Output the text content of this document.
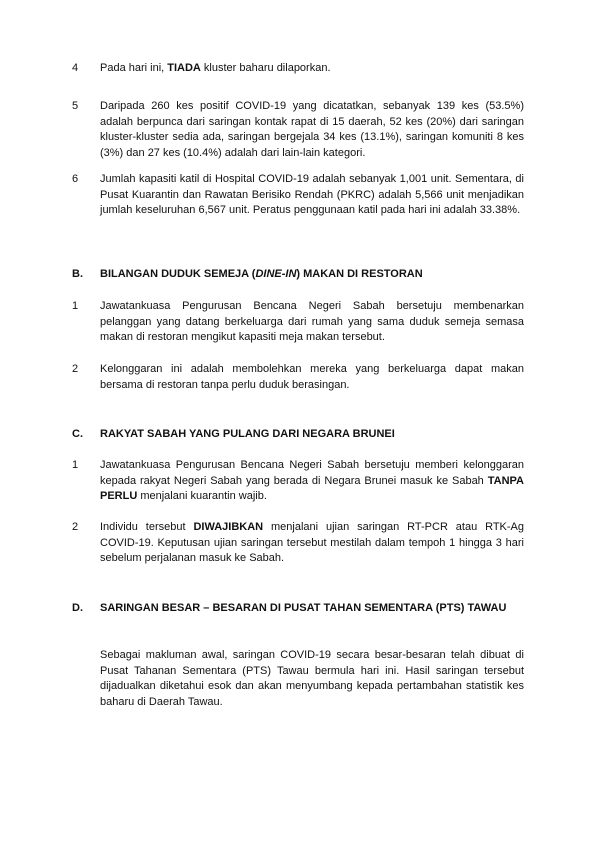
4	Pada hari ini, TIADA kluster baharu dilaporkan.
5	Daripada 260 kes positif COVID-19 yang dicatatkan, sebanyak 139 kes (53.5%) adalah berpunca dari saringan kontak rapat di 15 daerah, 52 kes (20%) dari saringan kluster-kluster sedia ada, saringan bergejala 34 kes (13.1%), saringan komuniti 8 kes (3%) dan 27 kes (10.4%) adalah dari lain-lain kategori.
6	Jumlah kapasiti katil di Hospital COVID-19 adalah sebanyak 1,001 unit. Sementara, di Pusat Kuarantin dan Rawatan Berisiko Rendah (PKRC) adalah 5,566 unit menjadikan jumlah keseluruhan 6,567 unit. Peratus penggunaan katil pada hari ini adalah 33.38%.
B. BILANGAN DUDUK SEMEJA (DINE-IN) MAKAN DI RESTORAN
1	Jawatankuasa Pengurusan Bencana Negeri Sabah bersetuju membenarkan pelanggan yang datang berkeluarga dari rumah yang sama duduk semeja semasa makan di restoran mengikut kapasiti meja makan tersebut.
2	Kelonggaran ini adalah membolehkan mereka yang berkeluarga dapat makan bersama di restoran tanpa perlu duduk berasingan.
C. RAKYAT SABAH YANG PULANG DARI NEGARA BRUNEI
1	Jawatankuasa Pengurusan Bencana Negeri Sabah bersetuju memberi kelonggaran kepada rakyat Negeri Sabah yang berada di Negara Brunei masuk ke Sabah TANPA PERLU menjalani kuarantin wajib.
2	Individu tersebut DIWAJIBKAN menjalani ujian saringan RT-PCR atau RTK-Ag COVID-19. Keputusan ujian saringan tersebut mestilah dalam tempoh 1 hingga 3 hari sebelum perjalanan masuk ke Sabah.
D. SARINGAN BESAR – BESARAN DI PUSAT TAHAN SEMENTARA (PTS) TAWAU
Sebagai makluman awal, saringan COVID-19 secara besar-besaran telah dibuat di Pusat Tahanan Sementara (PTS) Tawau bermula hari ini. Hasil saringan tersebut dijadualkan diketahui esok dan akan menyumbang kepada pertambahan statistik kes baharu di Daerah Tawau.
